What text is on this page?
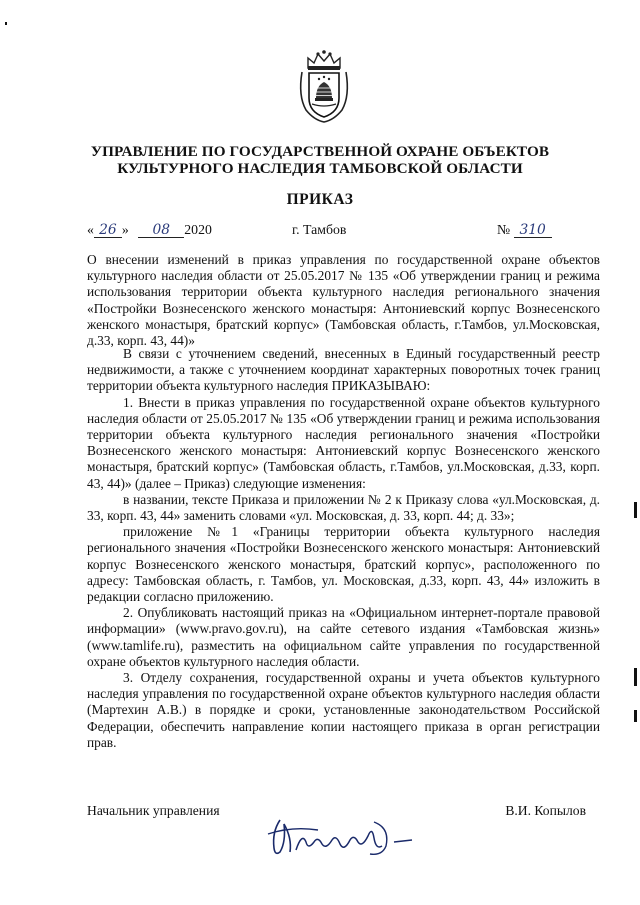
УПРАВЛЕНИЕ ПО ГОСУДАРСТВЕННОЙ ОХРАНЕ ОБЪЕКТОВ
КУЛЬТУРНОГО НАСЛЕДИЯ ТАМБОВСКОЙ ОБЛАСТИ
ПРИКАЗ
« 26 » 08 2020	г. Тамбов	№ 310
О внесении изменений в приказ управления по государственной охране объектов культурного наследия области от 25.05.2017 № 135 «Об утверждении границ и режима использования территории объекта культурного наследия регионального значения «Постройки Вознесенского женского монастыря: Антониевский корпус Вознесенского женского монастыря, братский корпус» (Тамбовская область, г.Тамбов, ул.Московская, д.33, корп. 43, 44)»

В связи с уточнением сведений, внесенных в Единый государственный реестр недвижимости, а также с уточнением координат характерных поворотных точек границ территории объекта культурного наследия ПРИКАЗЫВАЮ:

1. Внести в приказ управления по государственной охране объектов культурного наследия области от 25.05.2017 № 135 «Об утверждении границ и режима использования территории объекта культурного наследия регионального значения «Постройки Вознесенского женского монастыря: Антониевский корпус Вознесенского женского монастыря, братский корпус» (Тамбовская область, г.Тамбов, ул.Московская, д.33, корп. 43, 44)» (далее – Приказ) следующие изменения:

в названии, тексте Приказа и приложении № 2 к Приказу слова «ул.Московская, д. 33, корп. 43, 44» заменить словами «ул. Московская, д. 33, корп. 44; д. 33»;

приложение №1 «Границы территории объекта культурного наследия регионального значения «Постройки Вознесенского женского монастыря: Антониевский корпус Вознесенского женского монастыря, братский корпус», расположенного по адресу: Тамбовская область, г. Тамбов, ул. Московская, д.33, корп. 43, 44» изложить в редакции согласно приложению.

2. Опубликовать настоящий приказ на «Официальном интернет-портале правовой информации» (www.pravo.gov.ru), на сайте сетевого издания «Тамбовская жизнь» (www.tamlife.ru), разместить на официальном сайте управления по государственной охране объектов культурного наследия области.

3. Отделу сохранения, государственной охраны и учета объектов культурного наследия управления по государственной охране объектов культурного наследия области (Мартехин А.В.) в порядке и сроки, установленные законодательством Российской Федерации, обеспечить направление копии настоящего приказа в орган регистрации прав.

Начальник управления	В.И. Копылов
